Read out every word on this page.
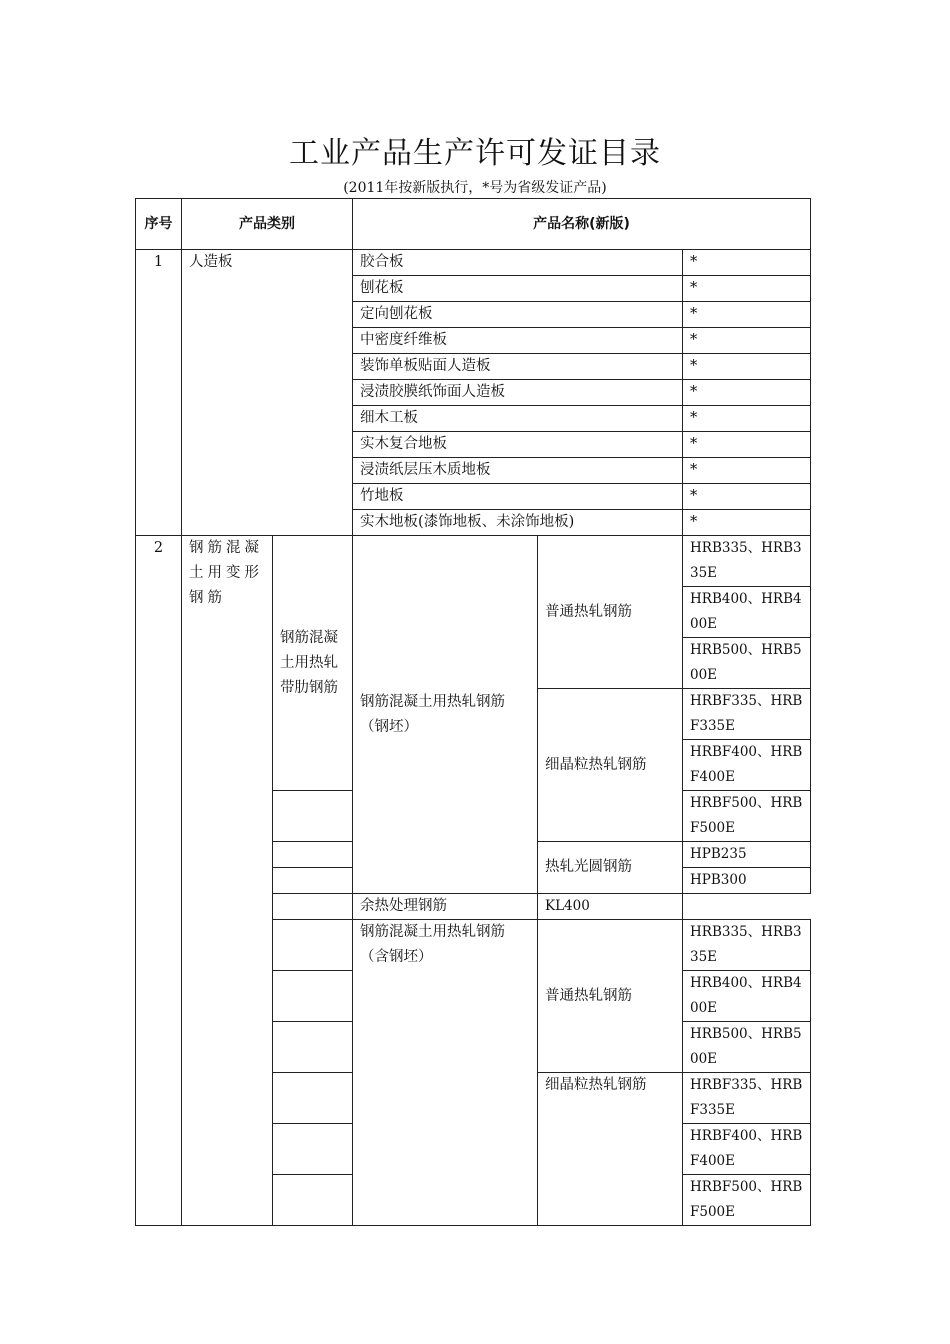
工业产品生产许可发证目录
(2011年按新版执行，*号为省级发证产品)
序号	产品类别		产品名称(新版)		
1	人造板		胶合板		*
			刨花板		*
			定向刨花板		*
			中密度纤维板		*
			装饰单板贴面人造板		*
			浸渍胶膜纸饰面人造板		*
			细木工板		*
			实木复合地板		*
			浸渍纸层压木质地板		*
			竹地板		*
			实木地板(漆饰地板、未涂饰地板)		*
2	钢筋混凝土用变形钢筋	钢筋混凝土用热轧带肋钢筋	钢筋混凝土用热轧钢筋（钢坯）	普通热轧钢筋	HRB335、HRB335E
					HRB400、HRB400E
					HRB500、HRB500E
				细晶粒热轧钢筋	HRBF335、HRBF335E
					HRBF400、HRBF400E
					HRBF500、HRBF500E
				热轧光圆钢筋	HPB235
					HPB300
			余热处理钢筋	KL400	
			钢筋混凝土用热轧钢筋（含钢坯）	普通热轧钢筋	HRB335、HRB335E
					HRB400、HRB400E
					HRB500、HRB500E
				细晶粒热轧钢筋	HRBF335、HRBF335E
					HRBF400、HRBF400E
					HRBF500、HRBF500E
